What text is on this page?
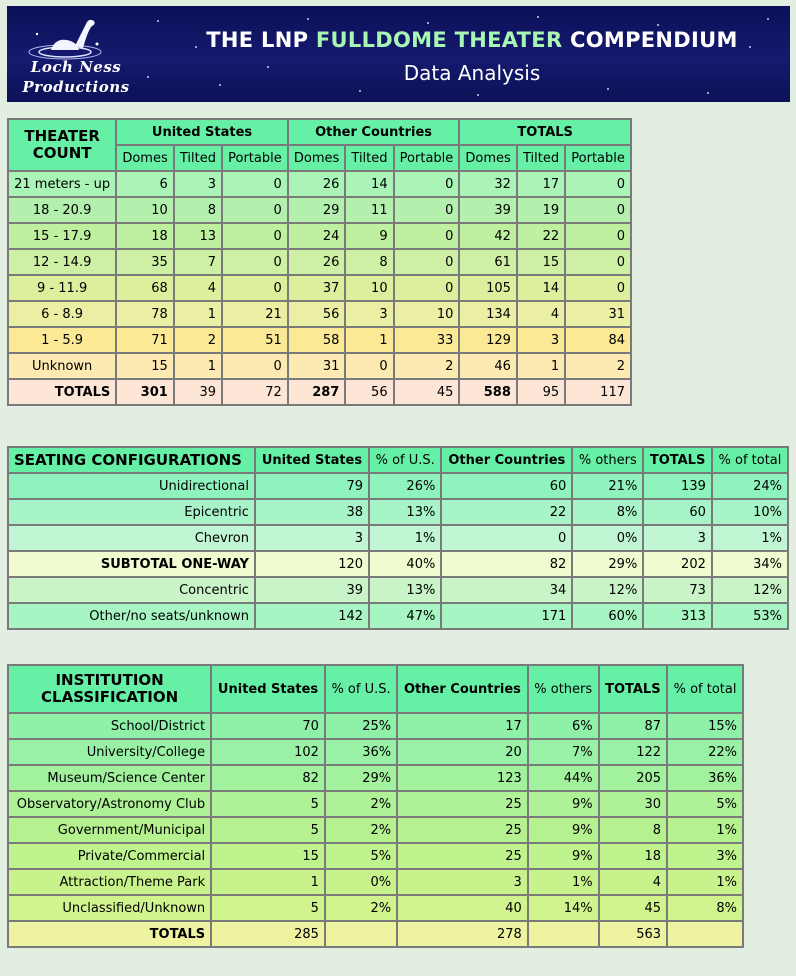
Loch Ness
Productions
THE LNP FULLDOME THEATER COMPENDIUM
Data Analysis
THEATER
COUNT	United States			Other Countries			TOTALS		
	Domes	Tilted	Portable	Domes	Tilted	Portable	Domes	Tilted	Portable
21 meters - up	6	3	0	26	14	0	32	17	0
18 - 20.9	10	8	0	29	11	0	39	19	0
15 - 17.9	18	13	0	24	9	0	42	22	0
12 - 14.9	35	7	0	26	8	0	61	15	0
9 - 11.9	68	4	0	37	10	0	105	14	0
6 - 8.9	78	1	21	56	3	10	134	4	31
1 - 5.9	71	2	51	58	1	33	129	3	84
Unknown	15	1	0	31	0	2	46	1	2
TOTALS	301	39	72	287	56	45	588	95	117
SEATING CONFIGURATIONS	United States	% of U.S.	Other Countries	% others	TOTALS	% of total
Unidirectional	79	26%	60	21%	139	24%
Epicentric	38	13%	22	8%	60	10%
Chevron	3	1%	0	0%	3	1%
SUBTOTAL ONE-WAY	120	40%	82	29%	202	34%
Concentric	39	13%	34	12%	73	12%
Other/no seats/unknown	142	47%	171	60%	313	53%
INSTITUTION
CLASSIFICATION	United States	% of U.S.	Other Countries	% others	TOTALS	% of total
School/District	70	25%	17	6%	87	15%
University/College	102	36%	20	7%	122	22%
Museum/Science Center	82	29%	123	44%	205	36%
Observatory/Astronomy Club	5	2%	25	9%	30	5%
Government/Municipal	5	2%	25	9%	8	1%
Private/Commercial	15	5%	25	9%	18	3%
Attraction/Theme Park	1	0%	3	1%	4	1%
Unclassified/Unknown	5	2%	40	14%	45	8%
TOTALS	285		278		563	
